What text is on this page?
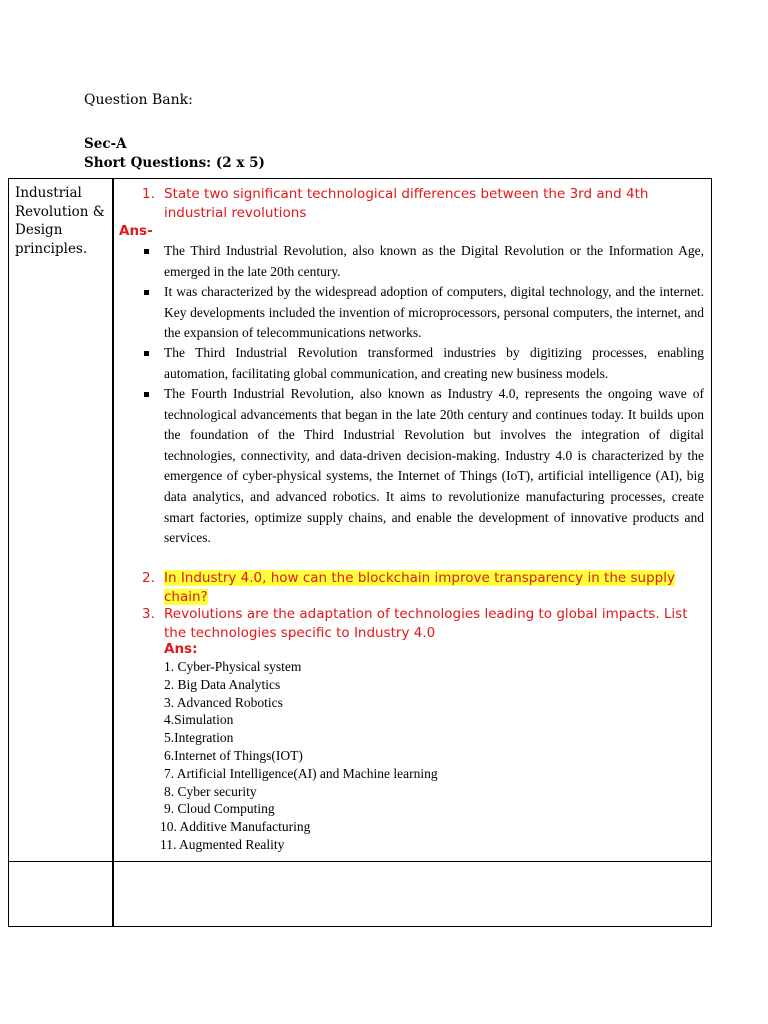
Question Bank:
Sec-A
Short Questions: (2 x 5)
Industrial Revolution & Design principles.
1. State two significant technological differences between the 3rd and 4th industrial revolutions
Ans-
The Third Industrial Revolution, also known as the Digital Revolution or the Information Age, emerged in the late 20th century.
It was characterized by the widespread adoption of computers, digital technology, and the internet. Key developments included the invention of microprocessors, personal computers, the internet, and the expansion of telecommunications networks.
The Third Industrial Revolution transformed industries by digitizing processes, enabling automation, facilitating global communication, and creating new business models.
The Fourth Industrial Revolution, also known as Industry 4.0, represents the ongoing wave of technological advancements that began in the late 20th century and continues today. It builds upon the foundation of the Third Industrial Revolution but involves the integration of digital technologies, connectivity, and data-driven decision-making. Industry 4.0 is characterized by the emergence of cyber-physical systems, the Internet of Things (IoT), artificial intelligence (AI), big data analytics, and advanced robotics. It aims to revolutionize manufacturing processes, create smart factories, optimize supply chains, and enable the development of innovative products and services.
2. In Industry 4.0, how can the blockchain improve transparency in the supply chain?
3. Revolutions are the adaptation of technologies leading to global impacts. List the technologies specific to Industry 4.0
Ans:
1. Cyber-Physical system
2. Big Data Analytics
3. Advanced Robotics
4.Simulation
5.Integration
6.Internet of Things(IOT)
7. Artificial Intelligence(AI) and Machine learning
8. Cyber security
9. Cloud Computing
10. Additive Manufacturing
11. Augmented Reality
